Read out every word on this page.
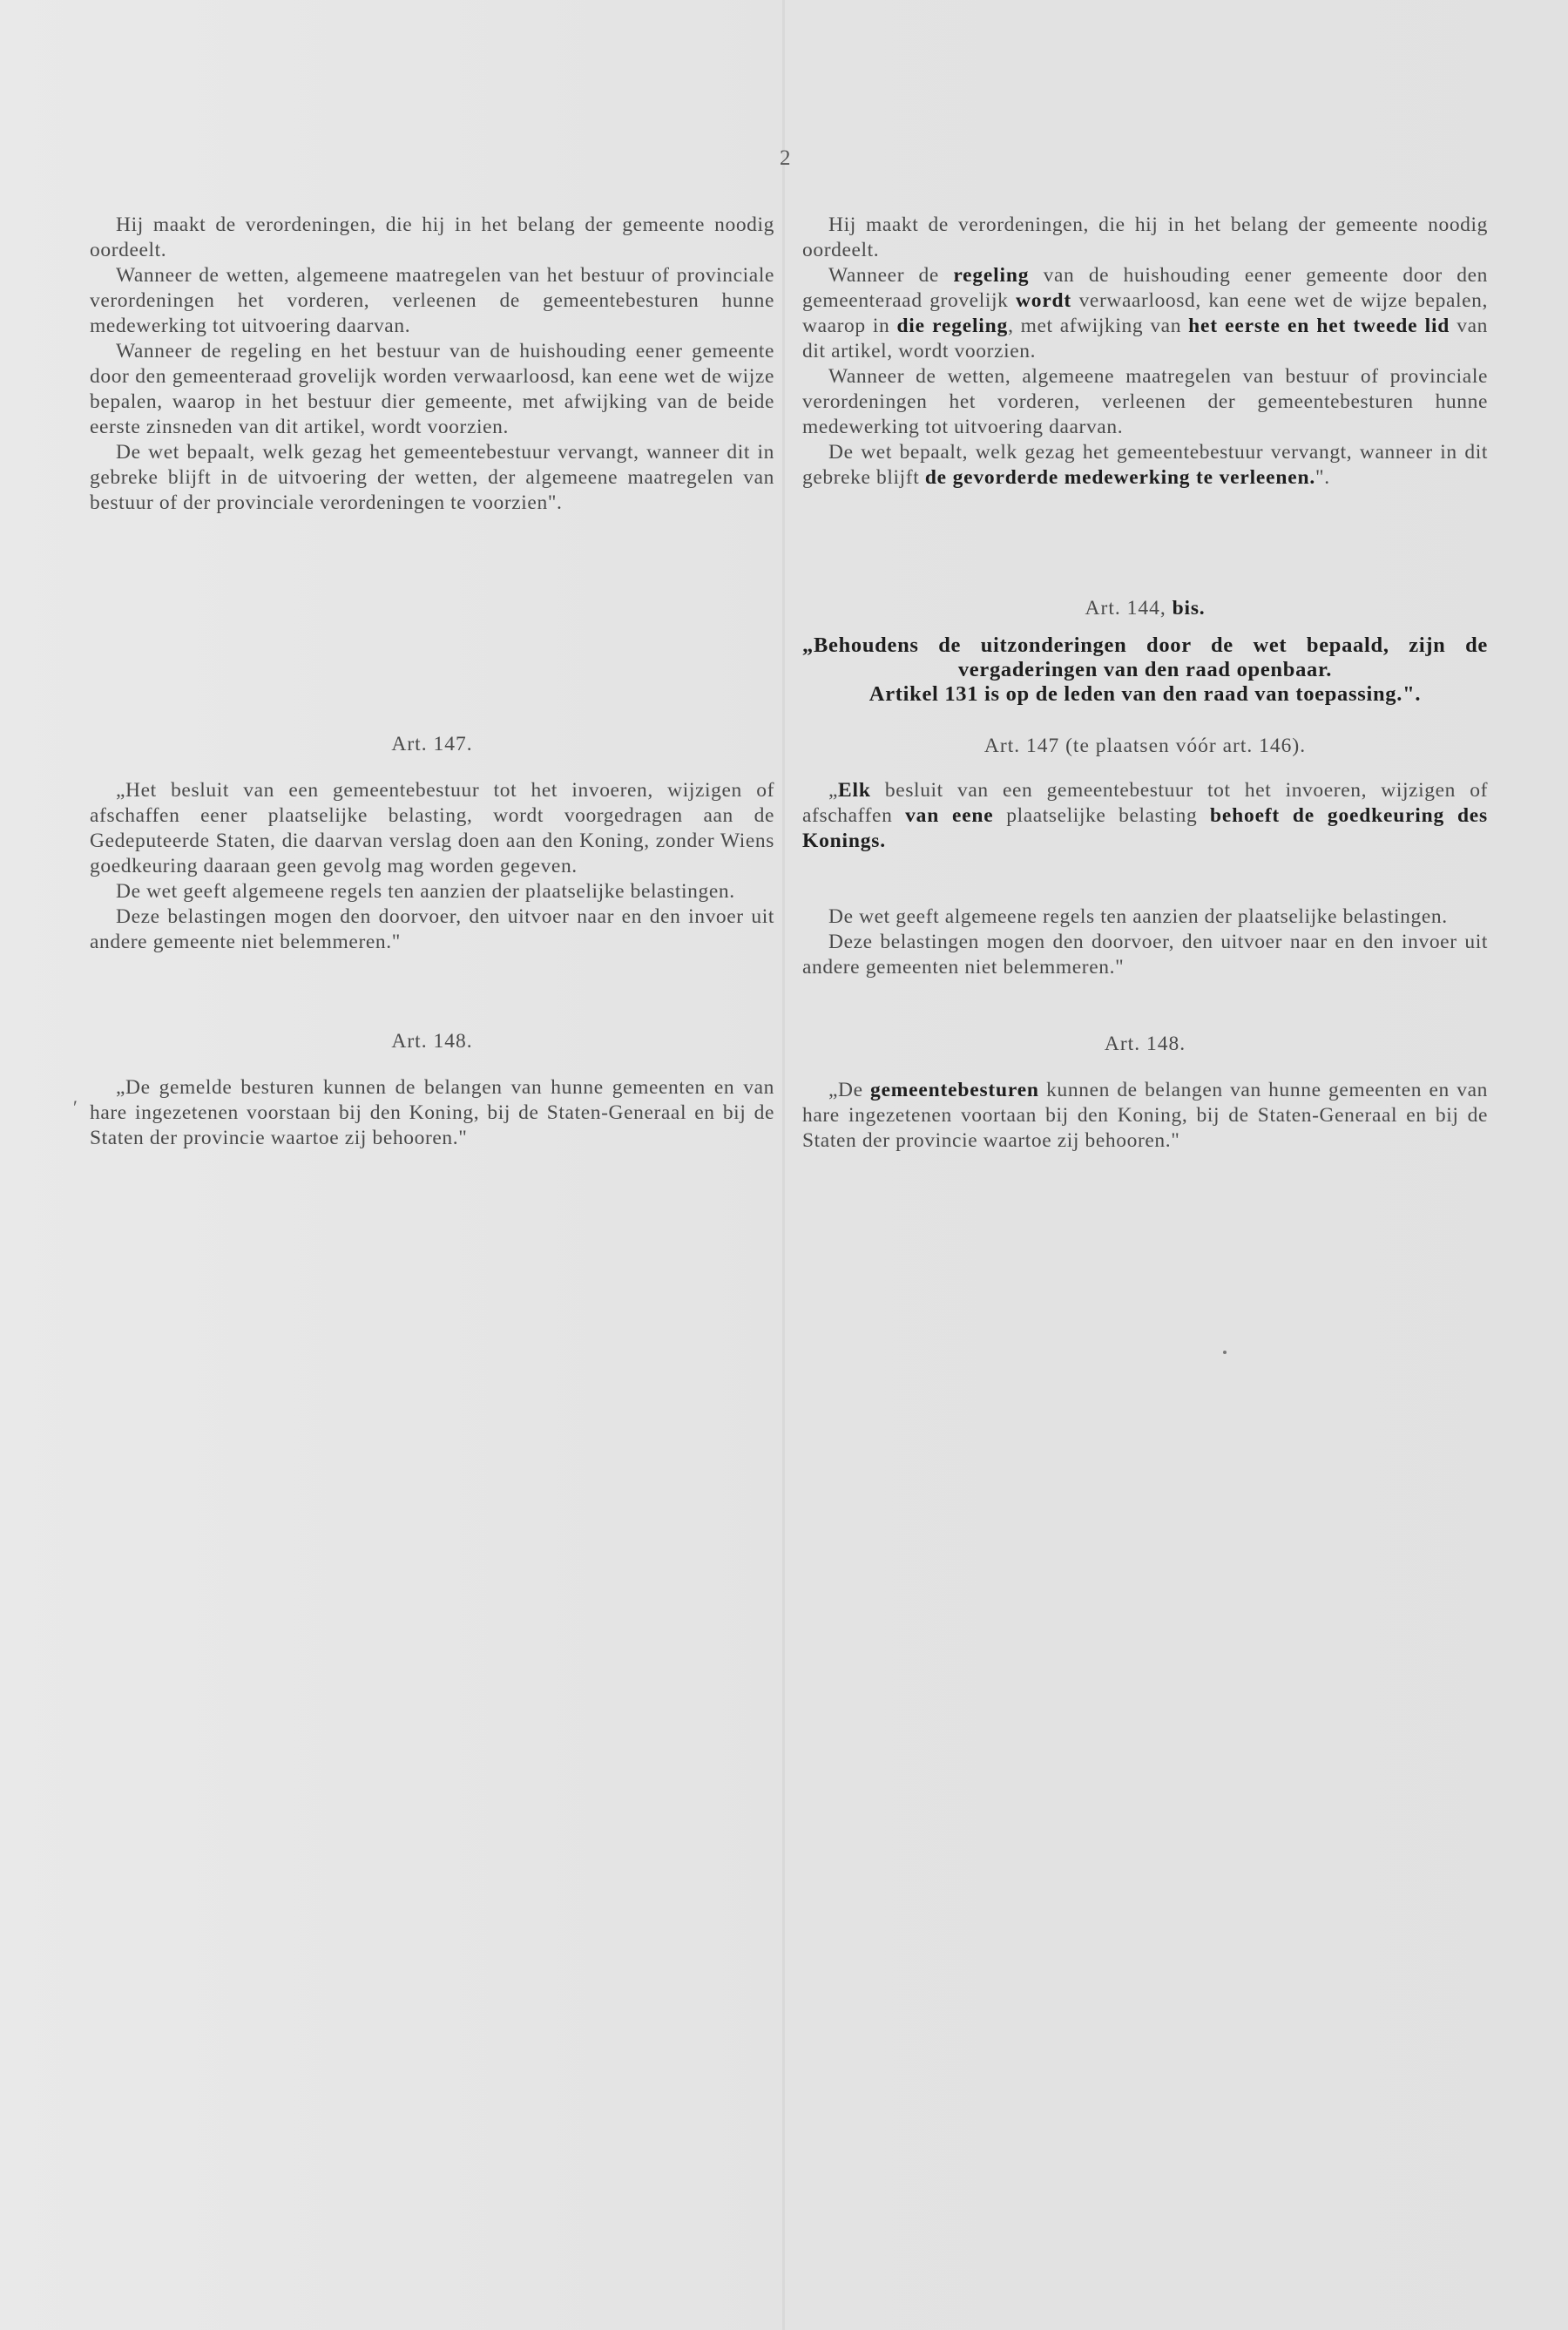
2

Hij maakt de verordeningen, die hij in het belang der gemeente noodig oordeelt.

Wanneer de wetten, algemeene maatregelen van het bestuur of provinciale verordeningen het vorderen, verleenen de gemeentebesturen hunne medewerking tot uitvoering daarvan.

Wanneer de regeling en het bestuur van de huishouding eener gemeente door den gemeenteraad grovelijk worden verwaarloosd, kan eene wet de wijze bepalen, waarop in het bestuur dier gemeente, met afwijking van de beide eerste zinsneden van dit artikel, wordt voorzien.

De wet bepaalt, welk gezag het gemeentebestuur vervangt, wanneer dit in gebreke blijft in de uitvoering der wetten, der algemeene maatregelen van bestuur of der provinciale verordeningen te voorzien".

Art. 147.

„Het besluit van een gemeentebestuur tot het invoeren, wijzigen of afschaffen eener plaatselijke belasting, wordt voorgedragen aan de Gedeputeerde Staten, die daarvan verslag doen aan den Koning, zonder Wiens goedkeuring daaraan geen gevolg mag worden gegeven.

De wet geeft algemeene regels ten aanzien der plaatselijke belastingen.

Deze belastingen mogen den doorvoer, den uitvoer naar en den invoer uit andere gemeente niet belemmeren."

Art. 148.

„De gemelde besturen kunnen de belangen van hunne gemeenten en van hare ingezetenen voorstaan bij den Koning, bij de Staten-Generaal en bij de Staten der provincie waartoe zij behooren."

′

Hij maakt de verordeningen, die hij in het belang der gemeente noodig oordeelt.

Wanneer de regeling van de huishouding eener gemeente door den gemeenteraad grovelijk wordt verwaarloosd, kan eene wet de wijze bepalen, waarop in die regeling, met afwijking van het eerste en het tweede lid van dit artikel, wordt voorzien.

Wanneer de wetten, algemeene maatregelen van bestuur of provinciale verordeningen het vorderen, verleenen der gemeentebesturen hunne medewerking tot uitvoering daarvan.

De wet bepaalt, welk gezag het gemeentebestuur vervangt, wanneer in dit gebreke blijft de gevorderde medewerking te verleenen.".

Art. 144, bis.

„Behoudens de uitzonderingen door de wet bepaald, zijn de vergaderingen van den raad openbaar.

Artikel 131 is op de leden van den raad van toepassing.".

Art. 147 (te plaatsen vóór art. 146).

„Elk besluit van een gemeentebestuur tot het invoeren, wijzigen of afschaffen van eene plaatselijke belasting behoeft de goedkeuring des Konings.

De wet geeft algemeene regels ten aanzien der plaatselijke belastingen.

Deze belastingen mogen den doorvoer, den uitvoer naar en den invoer uit andere gemeenten niet belemmeren."

Art. 148.

„De gemeentebesturen kunnen de belangen van hunne gemeenten en van hare ingezetenen voortaan bij den Koning, bij de Staten-Generaal en bij de Staten der provincie waartoe zij behooren."
